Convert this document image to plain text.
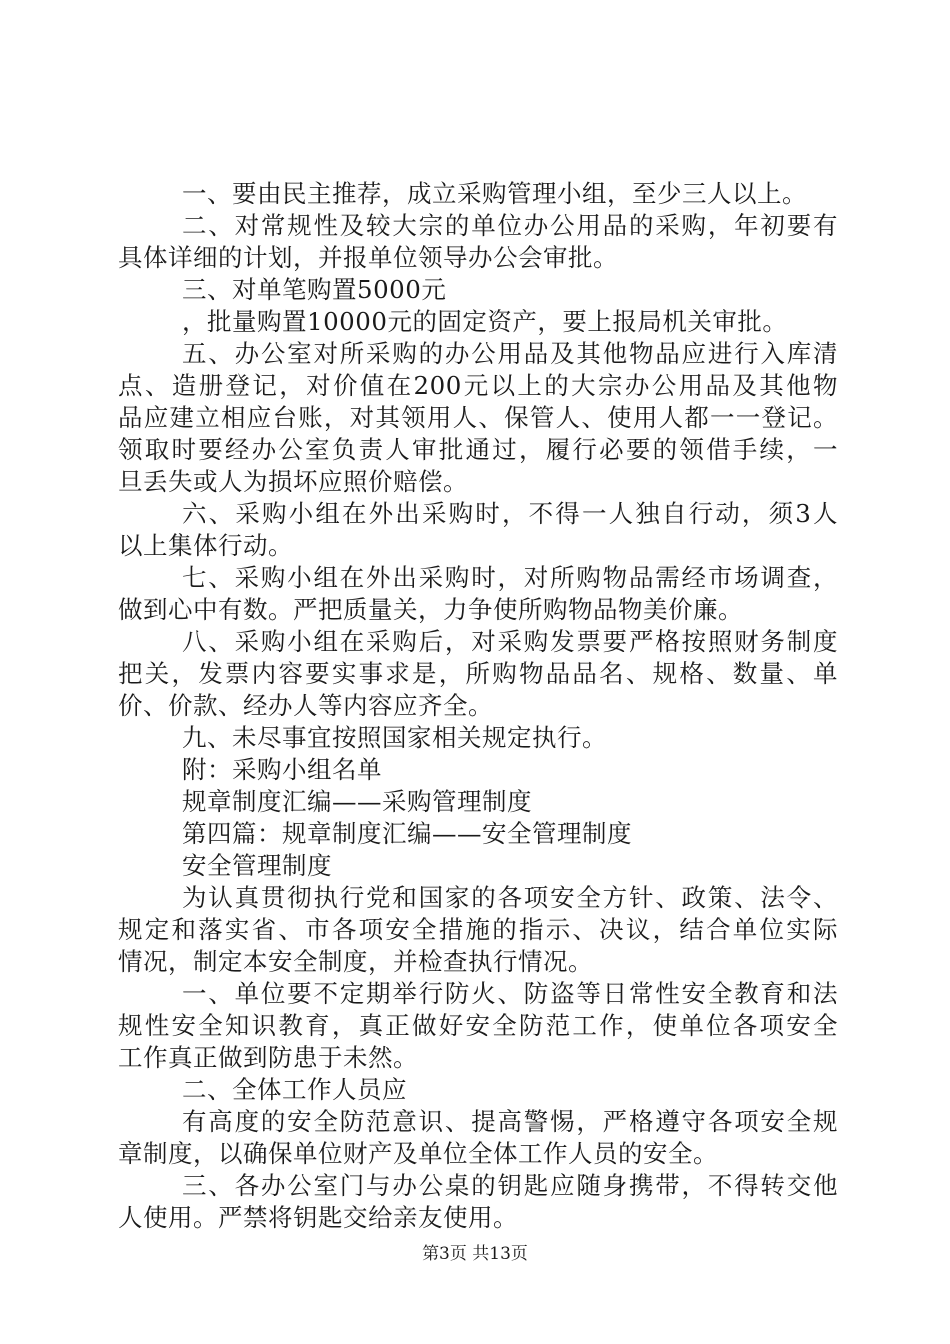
一、要由民主推荐，成立采购管理小组，至少三人以上。
二、对常规性及较大宗的单位办公用品的采购，年初要有
具体详细的计划，并报单位领导办公会审批。
三、对单笔购置5000元
，批量购置10000元的固定资产，要上报局机关审批。
五、办公室对所采购的办公用品及其他物品应进行入库清
点、造册登记，对价值在200元以上的大宗办公用品及其他物
品应建立相应台账，对其领用人、保管人、使用人都一一登记。
领取时要经办公室负责人审批通过，履行必要的领借手续，一
旦丢失或人为损坏应照价赔偿。
六、采购小组在外出采购时，不得一人独自行动，须3人
以上集体行动。
七、采购小组在外出采购时，对所购物品需经市场调查，
做到心中有数。严把质量关，力争使所购物品物美价廉。
八、采购小组在采购后，对采购发票要严格按照财务制度
把关，发票内容要实事求是，所购物品品名、规格、数量、单
价、价款、经办人等内容应齐全。
九、未尽事宜按照国家相关规定执行。
附：采购小组名单
规章制度汇编——采购管理制度
第四篇：规章制度汇编——安全管理制度
安全管理制度
为认真贯彻执行党和国家的各项安全方针、政策、法令、
规定和落实省、市各项安全措施的指示、决议，结合单位实际
情况，制定本安全制度，并检查执行情况。
一、单位要不定期举行防火、防盗等日常性安全教育和法
规性安全知识教育，真正做好安全防范工作，使单位各项安全
工作真正做到防患于未然。
二、全体工作人员应
有高度的安全防范意识、提高警惕，严格遵守各项安全规
章制度，以确保单位财产及单位全体工作人员的安全。
三、各办公室门与办公桌的钥匙应随身携带，不得转交他
人使用。严禁将钥匙交给亲友使用。
第3页 共13页
